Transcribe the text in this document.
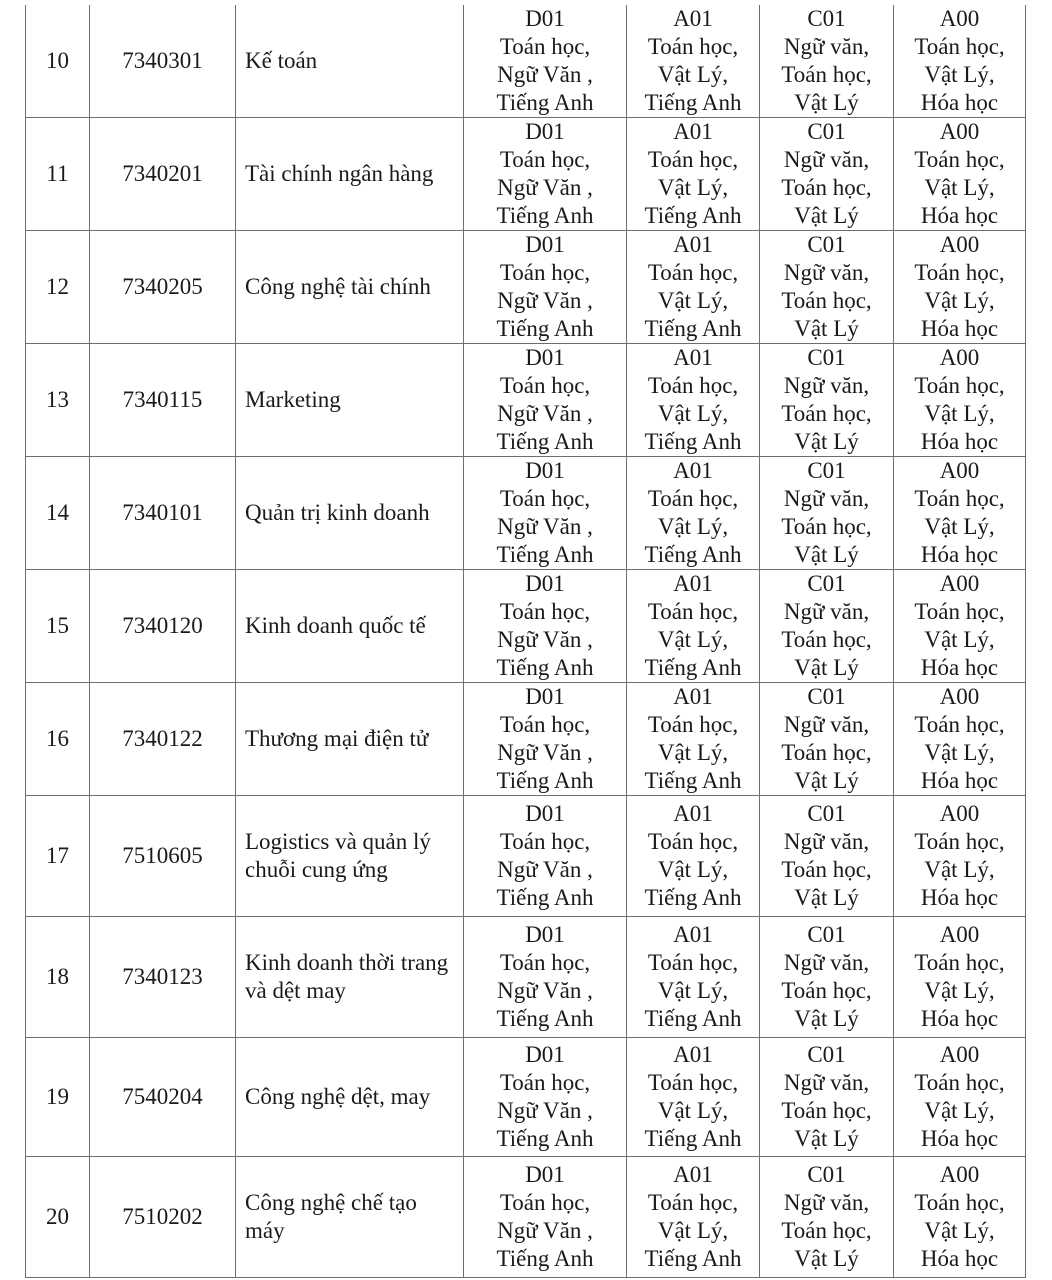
10	7340301	Kế toán	D01
Toán học,
Ngữ Văn ,
Tiếng Anh	A01
Toán học,
Vật Lý,
Tiếng Anh	C01
Ngữ văn,
Toán học,
Vật Lý	A00
Toán học,
Vật Lý,
Hóa học

11	7340201	Tài chính ngân hàng	D01
Toán học,
Ngữ Văn ,
Tiếng Anh	A01
Toán học,
Vật Lý,
Tiếng Anh	C01
Ngữ văn,
Toán học,
Vật Lý	A00
Toán học,
Vật Lý,
Hóa học

12	7340205	Công nghệ tài chính	D01
Toán học,
Ngữ Văn ,
Tiếng Anh	A01
Toán học,
Vật Lý,
Tiếng Anh	C01
Ngữ văn,
Toán học,
Vật Lý	A00
Toán học,
Vật Lý,
Hóa học

13	7340115	Marketing	D01
Toán học,
Ngữ Văn ,
Tiếng Anh	A01
Toán học,
Vật Lý,
Tiếng Anh	C01
Ngữ văn,
Toán học,
Vật Lý	A00
Toán học,
Vật Lý,
Hóa học

14	7340101	Quản trị kinh doanh	D01
Toán học,
Ngữ Văn ,
Tiếng Anh	A01
Toán học,
Vật Lý,
Tiếng Anh	C01
Ngữ văn,
Toán học,
Vật Lý	A00
Toán học,
Vật Lý,
Hóa học

15	7340120	Kinh doanh quốc tế	D01
Toán học,
Ngữ Văn ,
Tiếng Anh	A01
Toán học,
Vật Lý,
Tiếng Anh	C01
Ngữ văn,
Toán học,
Vật Lý	A00
Toán học,
Vật Lý,
Hóa học

16	7340122	Thương mại điện tử	D01
Toán học,
Ngữ Văn ,
Tiếng Anh	A01
Toán học,
Vật Lý,
Tiếng Anh	C01
Ngữ văn,
Toán học,
Vật Lý	A00
Toán học,
Vật Lý,
Hóa học

17	7510605	Logistics và quản lý chuỗi cung ứng	D01
Toán học,
Ngữ Văn ,
Tiếng Anh	A01
Toán học,
Vật Lý,
Tiếng Anh	C01
Ngữ văn,
Toán học,
Vật Lý	A00
Toán học,
Vật Lý,
Hóa học

18	7340123	Kinh doanh thời trang và dệt may	D01
Toán học,
Ngữ Văn ,
Tiếng Anh	A01
Toán học,
Vật Lý,
Tiếng Anh	C01
Ngữ văn,
Toán học,
Vật Lý	A00
Toán học,
Vật Lý,
Hóa học

19	7540204	Công nghệ dệt, may	D01
Toán học,
Ngữ Văn ,
Tiếng Anh	A01
Toán học,
Vật Lý,
Tiếng Anh	C01
Ngữ văn,
Toán học,
Vật Lý	A00
Toán học,
Vật Lý,
Hóa học

20	7510202	Công nghệ chế tạo máy	D01
Toán học,
Ngữ Văn ,
Tiếng Anh	A01
Toán học,
Vật Lý,
Tiếng Anh	C01
Ngữ văn,
Toán học,
Vật Lý	A00
Toán học,
Vật Lý,
Hóa học
